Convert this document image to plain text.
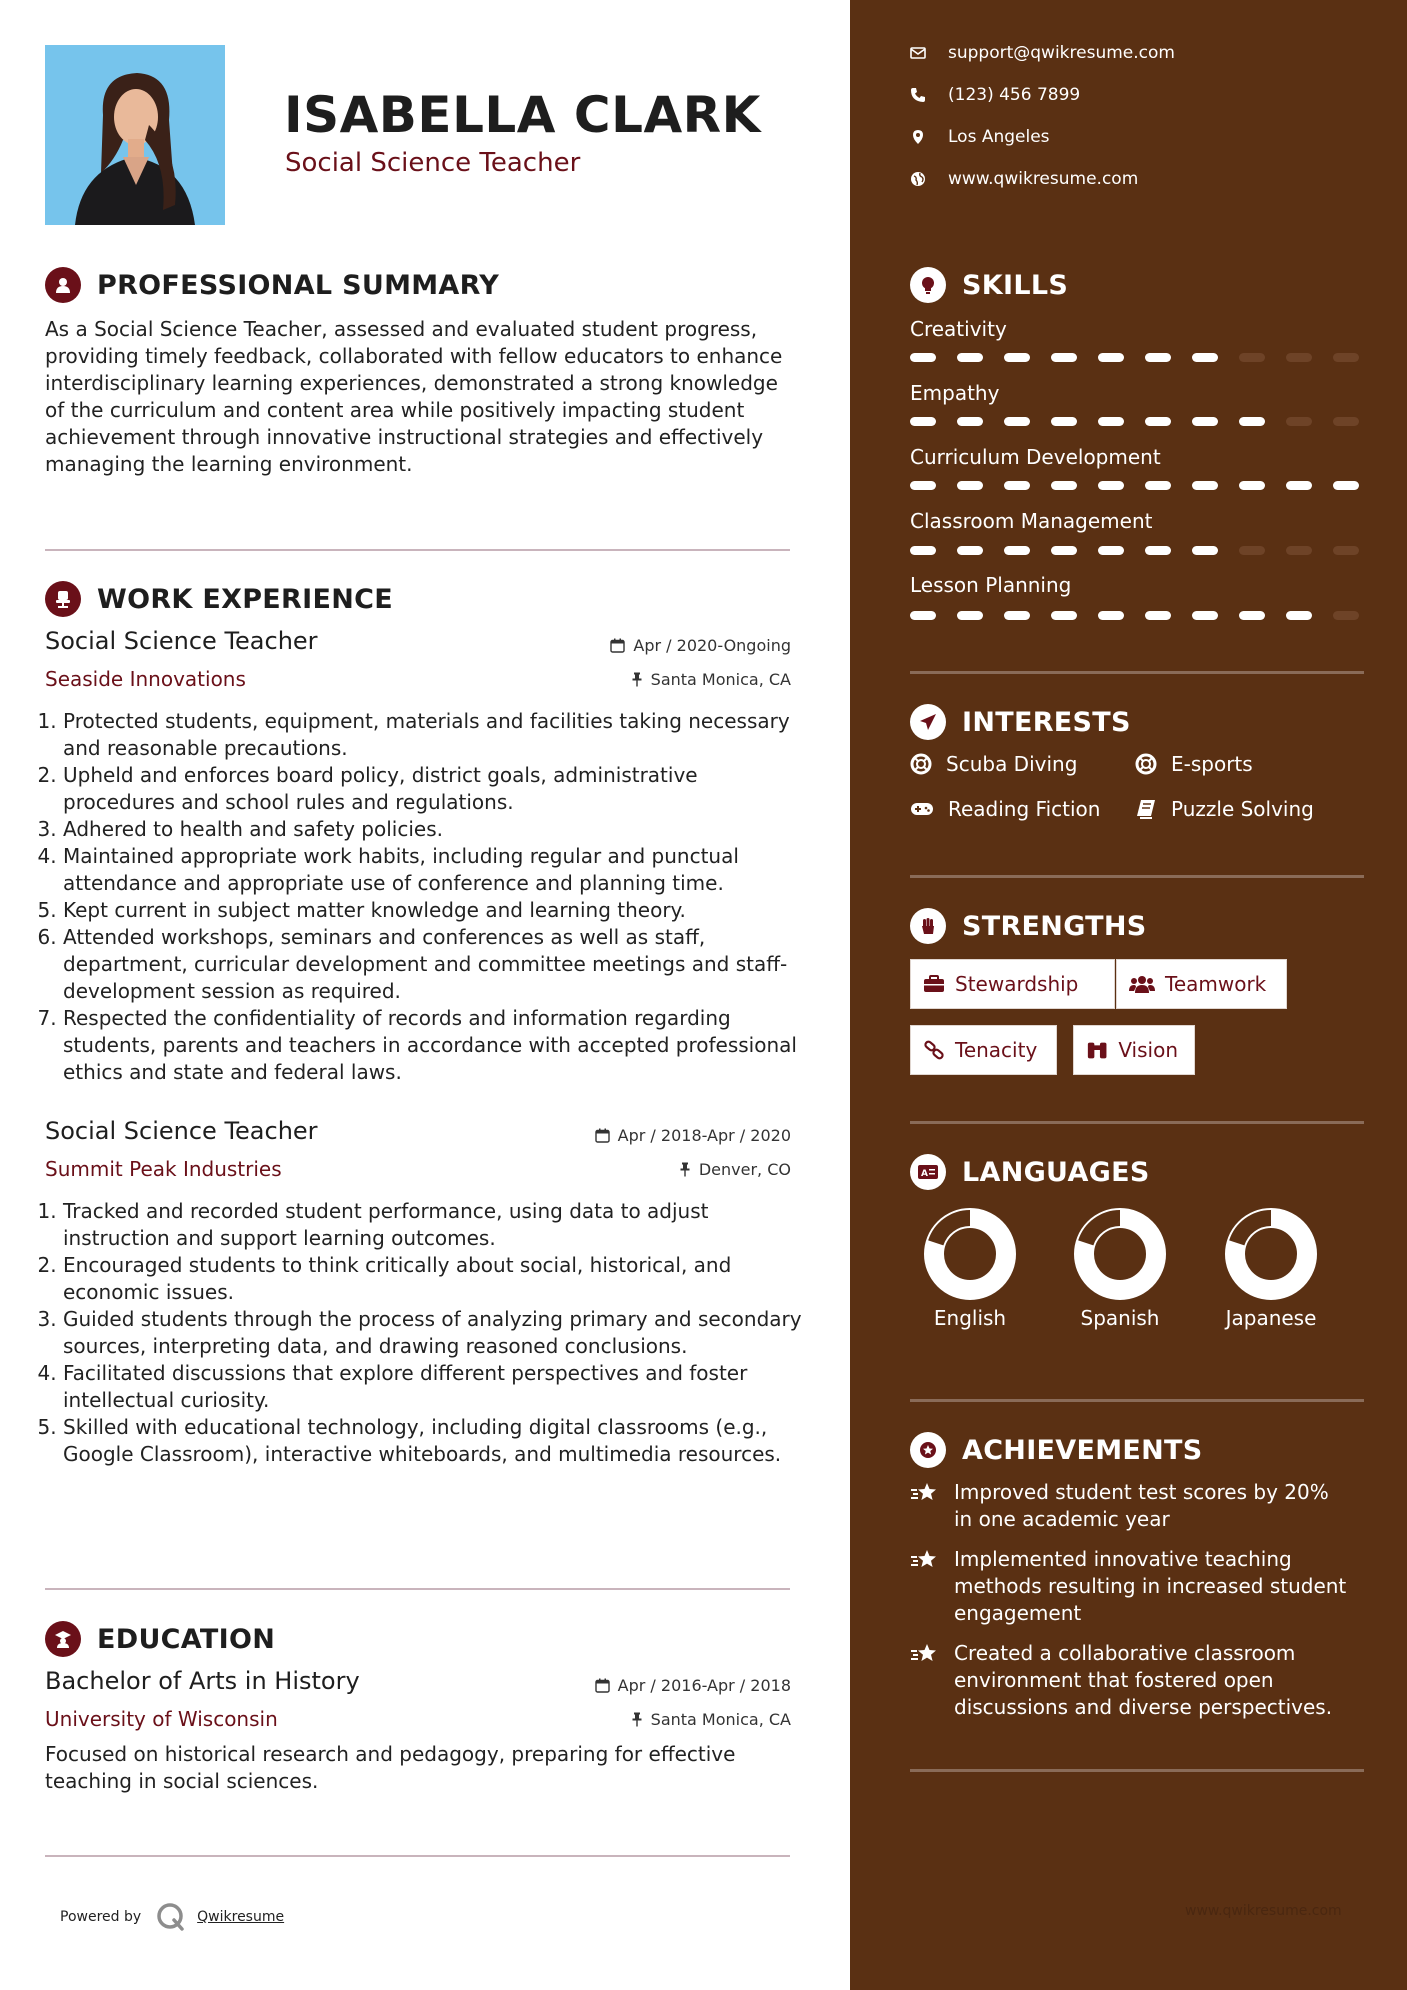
ISABELLA CLARK
Social Science Teacher
PROFESSIONAL SUMMARY

As a Social Science Teacher, assessed and evaluated student progress, providing timely feedback, collaborated with fellow educators to enhance interdisciplinary learning experiences, demonstrated a strong knowledge of the curriculum and content area while positively impacting student achievement through innovative instructional strategies and effectively managing the learning environment.

WORK EXPERIENCE
Social Science Teacher
Seaside Innovations
Apr / 2020-Ongoing
Santa Monica, CA
1. Protected students, equipment, materials and facilities taking necessary and reasonable precautions.
2. Upheld and enforces board policy, district goals, administrative procedures and school rules and regulations.
3. Adhered to health and safety policies.
4. Maintained appropriate work habits, including regular and punctual attendance and appropriate use of conference and planning time.
5. Kept current in subject matter knowledge and learning theory.
6. Attended workshops, seminars and conferences as well as staff, department, curricular development and committee meetings and staff-development session as required.
7. Respected the confidentiality of records and information regarding students, parents and teachers in accordance with accepted professional ethics and state and federal laws.
Social Science Teacher
Summit Peak Industries
Apr / 2018-Apr / 2020
Denver, CO
1. Tracked and recorded student performance, using data to adjust instruction and support learning outcomes.
2. Encouraged students to think critically about social, historical, and economic issues.
3. Guided students through the process of analyzing primary and secondary sources, interpreting data, and drawing reasoned conclusions.
4. Facilitated discussions that explore different perspectives and foster intellectual curiosity.
5. Skilled with educational technology, including digital classrooms (e.g., Google Classroom), interactive whiteboards, and multimedia resources.
EDUCATION
Bachelor of Arts in History
University of Wisconsin
Apr / 2016-Apr / 2018
Santa Monica, CA

Focused on historical research and pedagogy, preparing for effective teaching in social sciences.

Powered by	Qwikresume
support@qwikresume.com
(123) 456 7899
Los Angeles
www.qwikresume.com
SKILLS
Creativity
Empathy
Curriculum Development
Classroom Management
Lesson Planning
INTERESTS
Scuba Diving	E-sports
Reading Fiction	Puzzle Solving
STRENGTHS
Stewardship	Teamwork
Tenacity	Vision
A LANGUAGES
English	Spanish	Japanese
ACHIEVEMENTS
Improved student test scores by 20% in one academic year
Implemented innovative teaching methods resulting in increased student engagement
Created a collaborative classroom environment that fostered open discussions and diverse perspectives.
www.qwikresume.com
